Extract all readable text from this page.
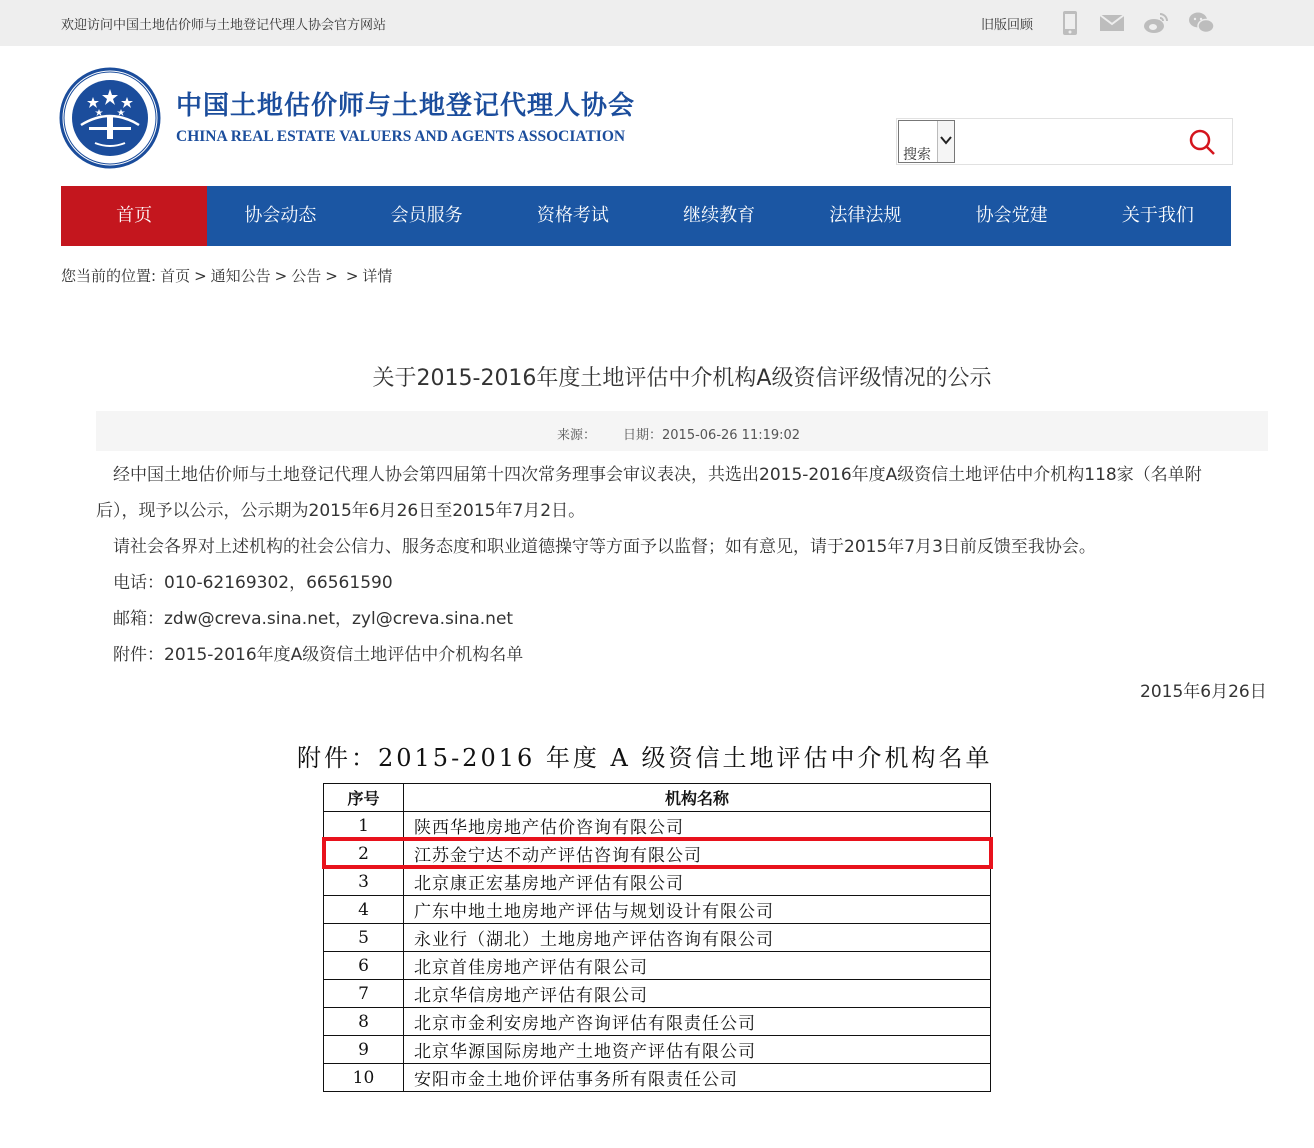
欢迎访问中国土地估价师与土地登记代理人协会官方网站	旧版回顾
中国土地估价师与土地登记代理人协会
CHINA REAL ESTATE VALUERS AND AGENTS ASSOCIATION
搜索
首页	协会动态	会员服务	资格考试	继续教育	法律法规	协会党建	关于我们
您当前的位置: 首页 > 通知公告 > 公告 > > 详情
关于2015-2016年度土地评估中介机构A级资信评级情况的公示
来源： 日期：2015-06-26 11:19:02
经中国土地估价师与土地登记代理人协会第四届第十四次常务理事会审议表决，共选出2015-2016年度A级资信土地评估中介机构118家（名单附
后），现予以公示，公示期为2015年6月26日至2015年7月2日。
请社会各界对上述机构的社会公信力、服务态度和职业道德操守等方面予以监督；如有意见，请于2015年7月3日前反馈至我协会。
电话：010-62169302，66561590
邮箱：zdw@creva.sina.net，zyl@creva.sina.net
附件：2015-2016年度A级资信土地评估中介机构名单
2015年6月26日
附件：2015-2016 年度 A 级资信土地评估中介机构名单
序号	机构名称
1	陕西华地房地产估价咨询有限公司
2	江苏金宁达不动产评估咨询有限公司
3	北京康正宏基房地产评估有限公司
4	广东中地土地房地产评估与规划设计有限公司
5	永业行（湖北）土地房地产评估咨询有限公司
6	北京首佳房地产评估有限公司
7	北京华信房地产评估有限公司
8	北京市金利安房地产咨询评估有限责任公司
9	北京华源国际房地产土地资产评估有限公司
10	安阳市金土地价评估事务所有限责任公司
